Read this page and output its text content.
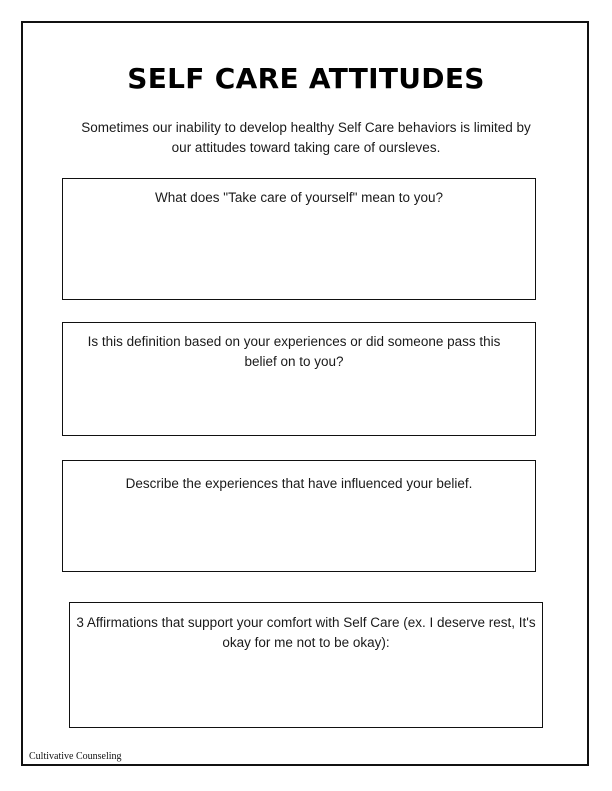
SELF CARE ATTITUDES

Sometimes our inability to develop healthy Self Care behaviors is limited by our attitudes toward taking care of oursleves.

What does "Take care of yourself" mean to you?
Is this definition based on your experiences or did someone pass this belief on to you?
Describe the experiences that have influenced your belief.
3 Affirmations that support your comfort with Self Care (ex. I deserve rest, It's okay for me not to be okay):
Cultivative Counseling
